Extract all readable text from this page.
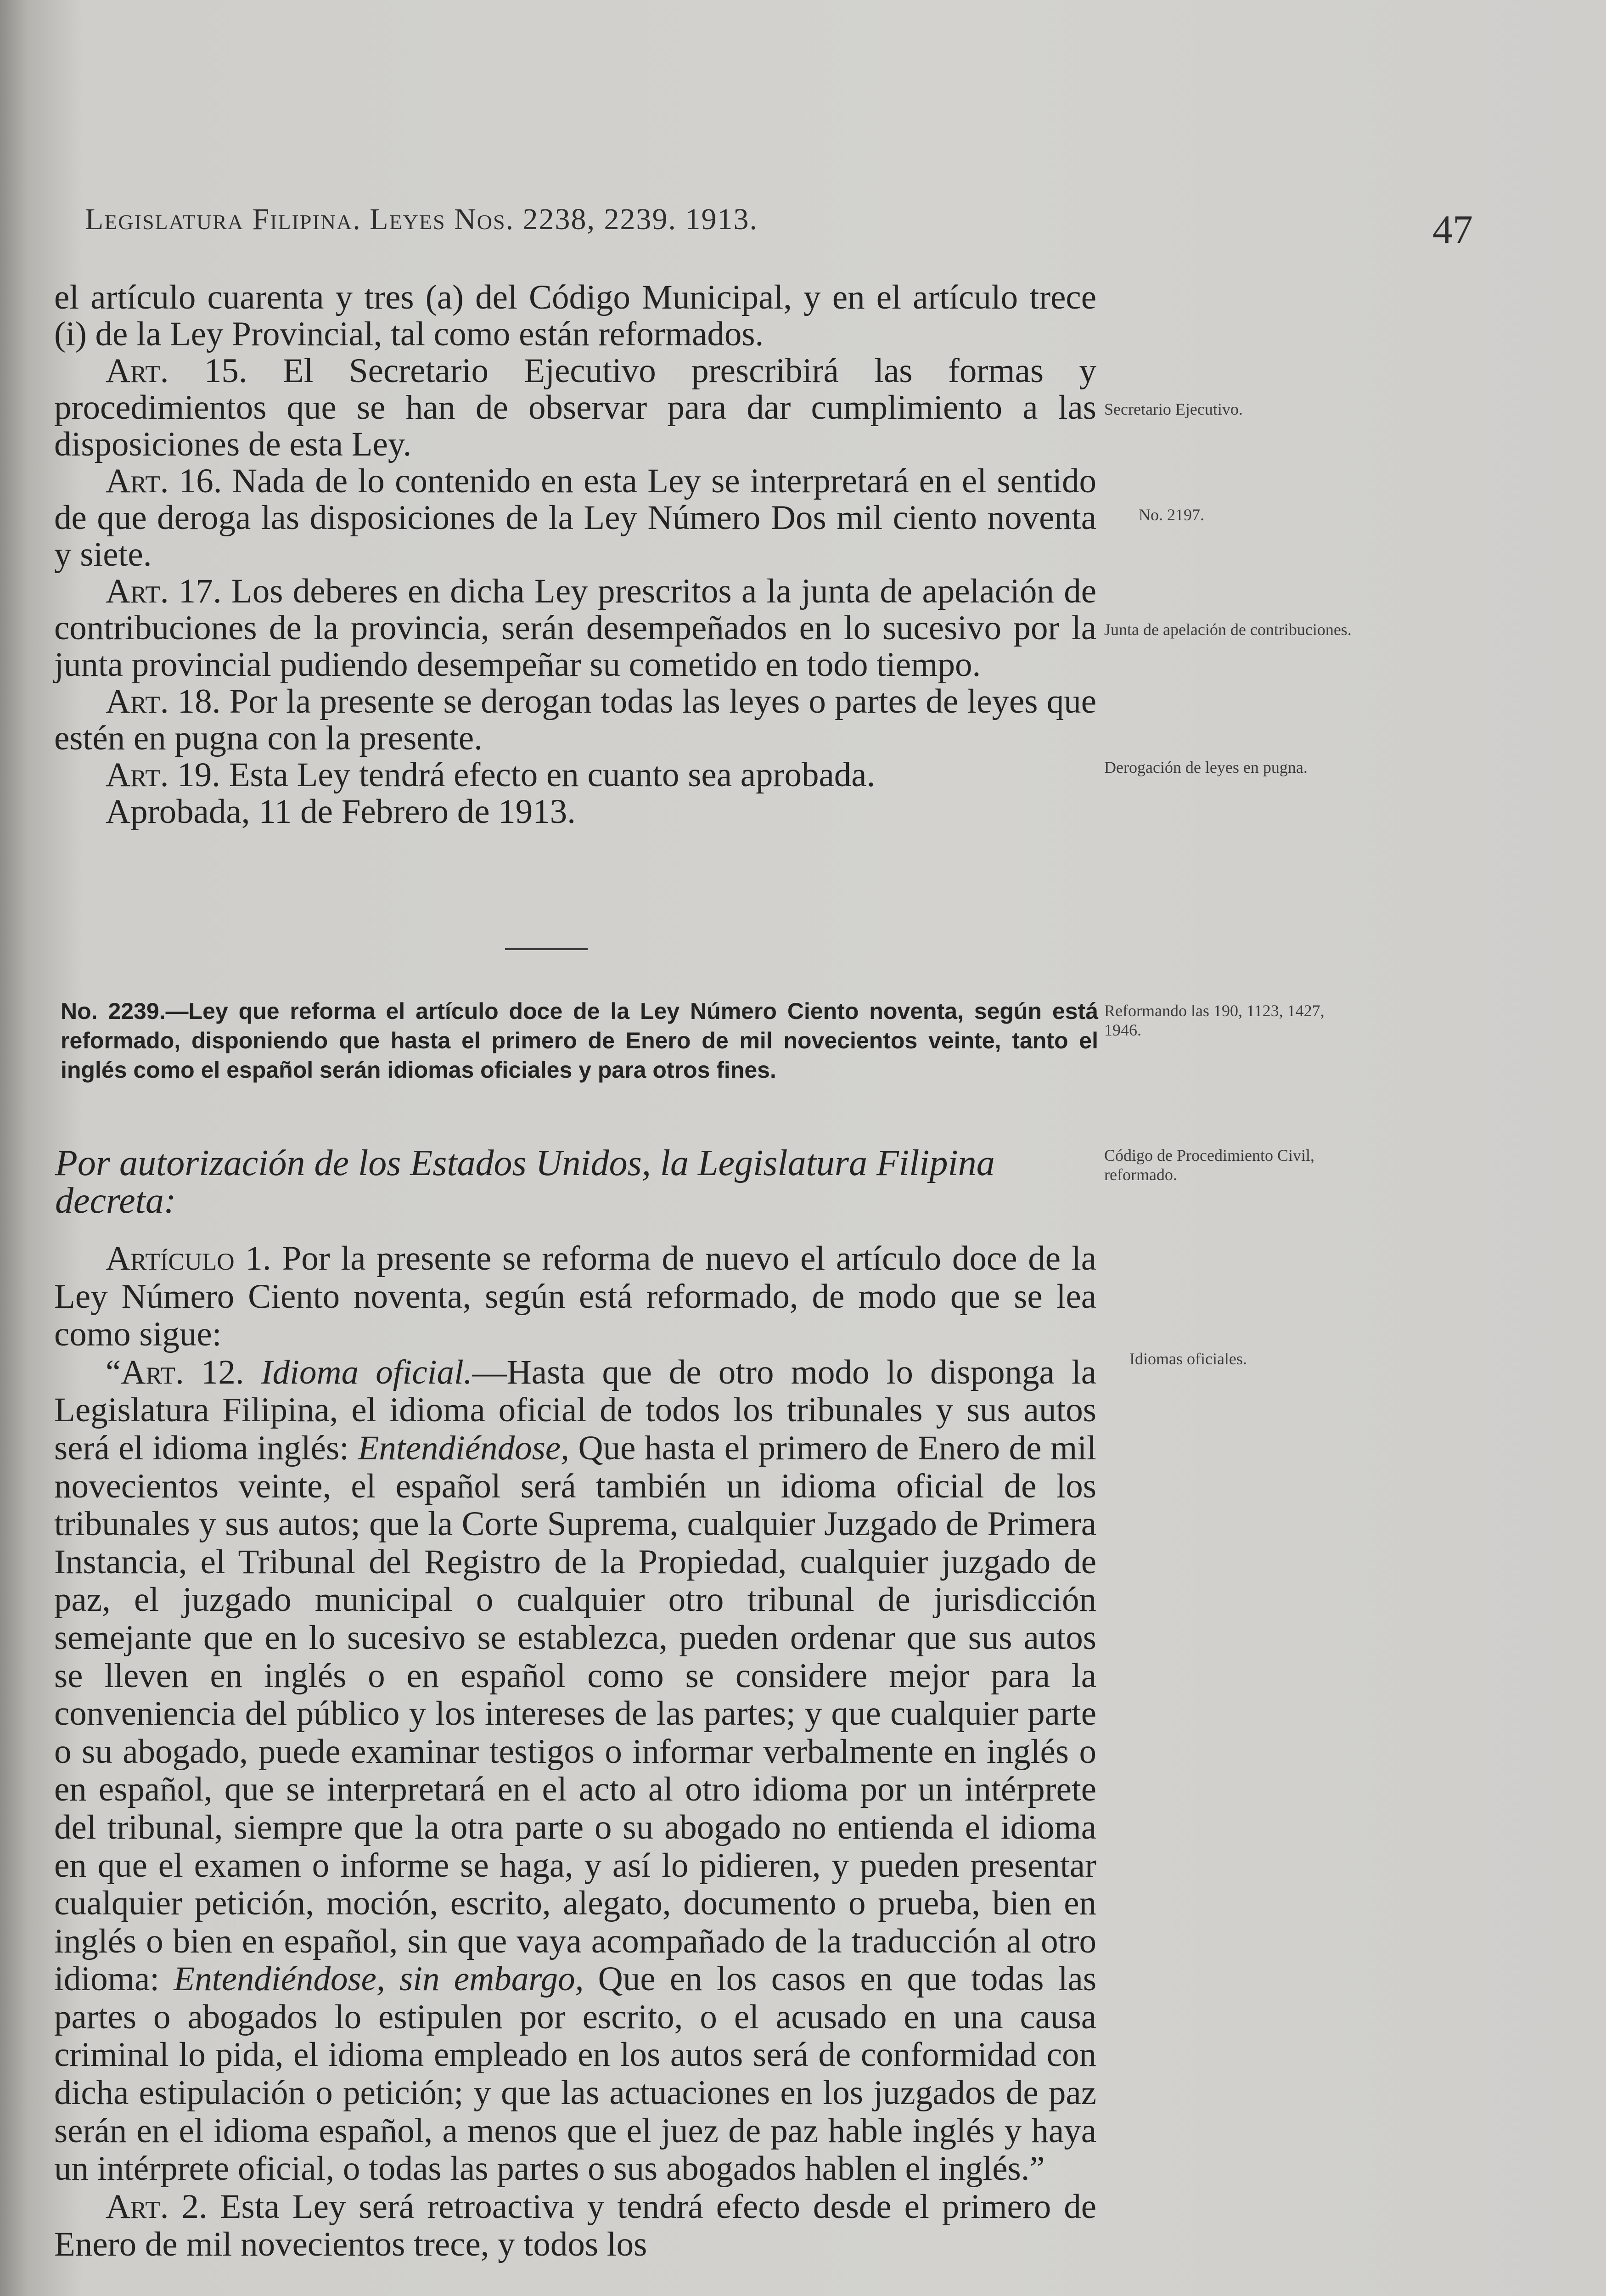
Legislatura Filipina. Leyes Nos. 2238, 2239. 1913.	47

el artículo cuarenta y tres (a) del Código Municipal, y en el artículo trece (i) de la Ley Provincial, tal como están reformados.

Art. 15. El Secretario Ejecutivo prescribirá las formas y procedimientos que se han de observar para dar cumplimiento a las disposiciones de esta Ley.

Art. 16. Nada de lo contenido en esta Ley se interpretará en el sentido de que deroga las disposiciones de la Ley Número Dos mil ciento noventa y siete.

Art. 17. Los deberes en dicha Ley prescritos a la junta de apelación de contribuciones de la provincia, serán desempeñados en lo sucesivo por la junta provincial pudiendo desempeñar su cometido en todo tiempo.

Art. 18. Por la presente se derogan todas las leyes o partes de leyes que estén en pugna con la presente.

Art. 19. Esta Ley tendrá efecto en cuanto sea aprobada.

Aprobada, 11 de Febrero de 1913.

No. 2239.—Ley que reforma el artículo doce de la Ley Número Ciento noventa, según está reformado, disponiendo que hasta el primero de Enero de mil novecientos veinte, tanto el inglés como el español serán idiomas oficiales y para otros fines.
Por autorización de los Estados Unidos, la Legislatura Filipina decreta:

Artículo 1. Por la presente se reforma de nuevo el artículo doce de la Ley Número Ciento noventa, según está reformado, de modo que se lea como sigue:

“Art. 12. Idioma oficial.—Hasta que de otro modo lo disponga la Legislatura Filipina, el idioma oficial de todos los tribunales y sus autos será el idioma inglés: Entendiéndose, Que hasta el primero de Enero de mil novecientos veinte, el español será también un idioma oficial de los tribunales y sus autos; que la Corte Suprema, cualquier Juzgado de Primera Instancia, el Tribunal del Registro de la Propiedad, cualquier juzgado de paz, el juzgado municipal o cualquier otro tribunal de jurisdicción semejante que en lo sucesivo se establezca, pueden ordenar que sus autos se lleven en inglés o en español como se considere mejor para la conveniencia del público y los intereses de las partes; y que cualquier parte o su abogado, puede examinar testigos o informar verbalmente en inglés o en español, que se interpretará en el acto al otro idioma por un intérprete del tribunal, siempre que la otra parte o su abogado no entienda el idioma en que el examen o informe se haga, y así lo pidieren, y pueden presentar cualquier petición, moción, escrito, alegato, documento o prueba, bien en inglés o bien en español, sin que vaya acompañado de la traducción al otro idioma: Entendiéndose, sin embargo, Que en los casos en que todas las partes o abogados lo estipulen por escrito, o el acusado en una causa criminal lo pida, el idioma empleado en los autos será de conformidad con dicha estipulación o petición; y que las actuaciones en los juzgados de paz serán en el idioma español, a menos que el juez de paz hable inglés y haya un intérprete oficial, o todas las partes o sus abogados hablen el inglés.”

Art. 2. Esta Ley será retroactiva y tendrá efecto desde el primero de Enero de mil novecientos trece, y todos los

Secretario Ejecutivo.
No. 2197.
Junta de apelación de contribuciones.
Derogación de leyes en pugna.
Reformando las 190, 1123, 1427, 1946.
Código de Procedimiento Civil, reformado.
Idiomas oficiales.
